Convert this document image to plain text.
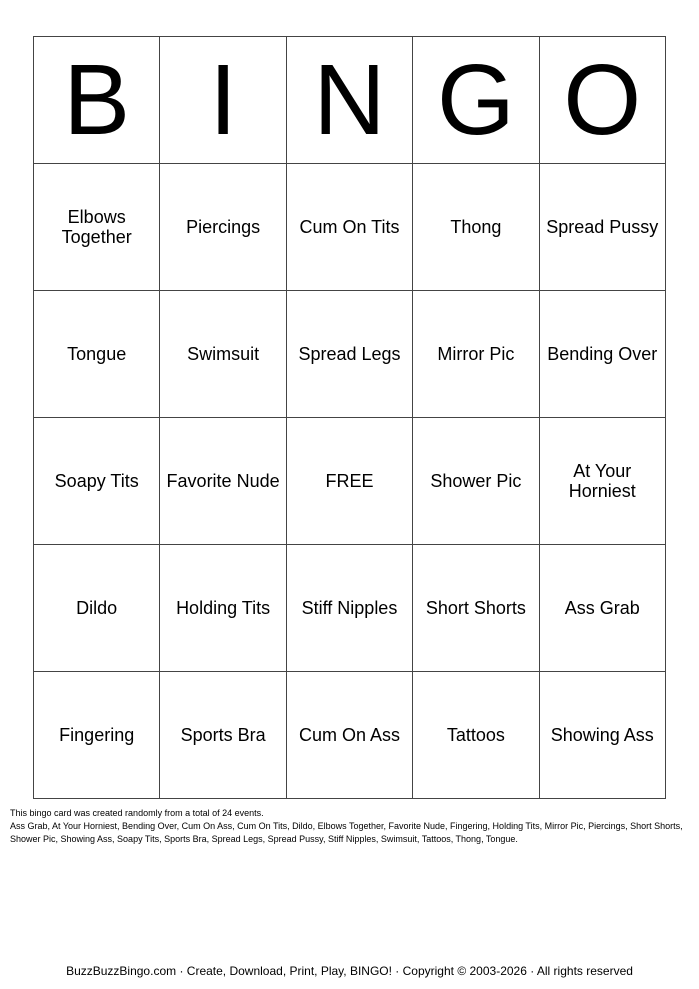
B	I	N	G	O
Elbows Together	Piercings	Cum On Tits	Thong	Spread Pussy
Tongue	Swimsuit	Spread Legs	Mirror Pic	Bending Over
Soapy Tits	Favorite Nude	FREE	Shower Pic	At Your Horniest
Dildo	Holding Tits	Stiff Nipples	Short Shorts	Ass Grab
Fingering	Sports Bra	Cum On Ass	Tattoos	Showing Ass

This bingo card was created randomly from a total of 24 events.

Ass Grab, At Your Horniest, Bending Over, Cum On Ass, Cum On Tits, Dildo, Elbows Together, Favorite Nude, Fingering, Holding Tits, Mirror Pic, Piercings, Short Shorts, Shower Pic, Showing Ass, Soapy Tits, Sports Bra, Spread Legs, Spread Pussy, Stiff Nipples, Swimsuit, Tattoos, Thong, Tongue.

BuzzBuzzBingo.com · Create, Download, Print, Play, BINGO! · Copyright © 2003-2026 · All rights reserved
